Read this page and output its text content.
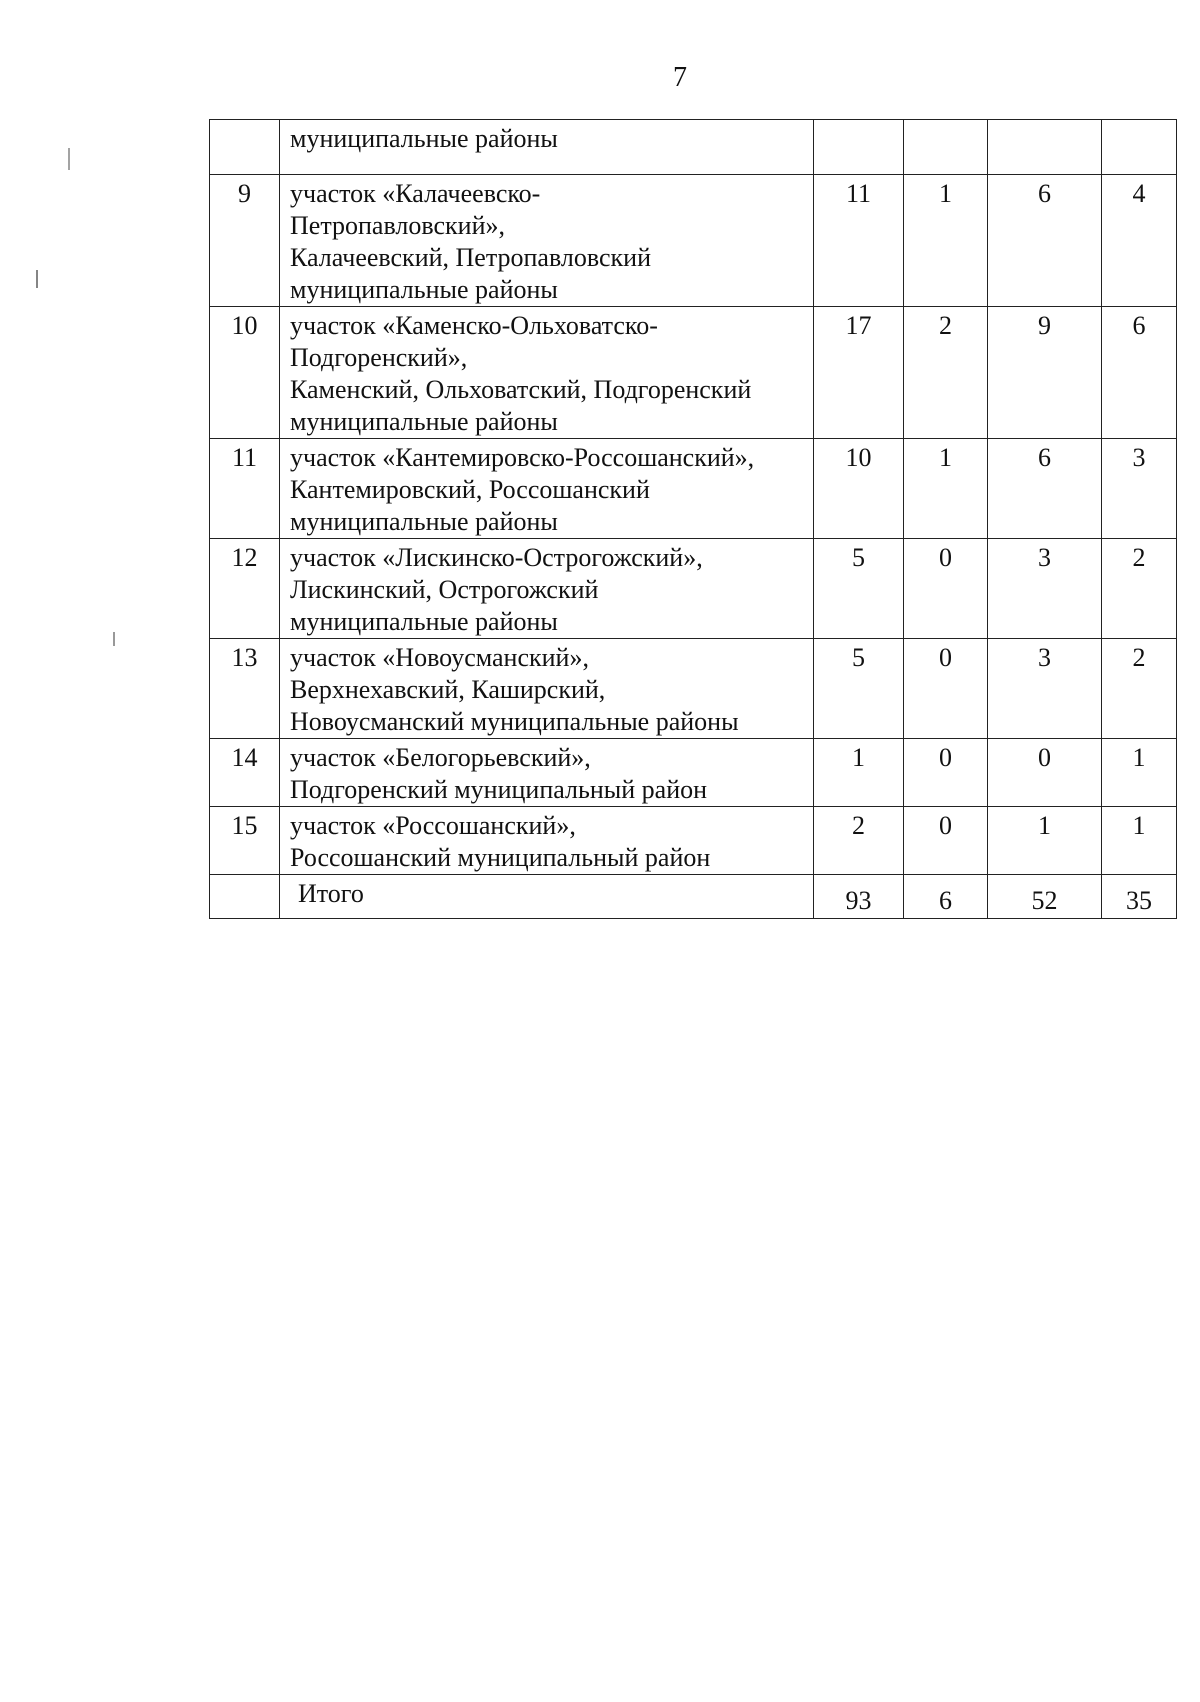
7

	муниципальные районы				

9	участок «Калачеевско-
Петропавловский»,
Калачеевский, Петропавловский
муниципальные районы	11	1	6	4
10	участок «Каменско-Ольховатско-
Подгоренский»,
Каменский, Ольховатский, Подгоренский
муниципальные районы	17	2	9	6
11	участок «Кантемировско-Россошанский»,
Кантемировский, Россошанский
муниципальные районы	10	1	6	3
12	участок «Лискинско-Острогожский»,
Лискинский, Острогожский
муниципальные районы	5	0	3	2
13	участок «Новоусманский»,
Верхнехавский, Каширский,
Новоусманский муниципальные районы	5	0	3	2
14	участок «Белогорьевский»,
Подгоренский муниципальный район	1	0	0	1
15	участок «Россошанский»,
Россошанский муниципальный район	2	0	1	1
	Итого	93	6	52	35
